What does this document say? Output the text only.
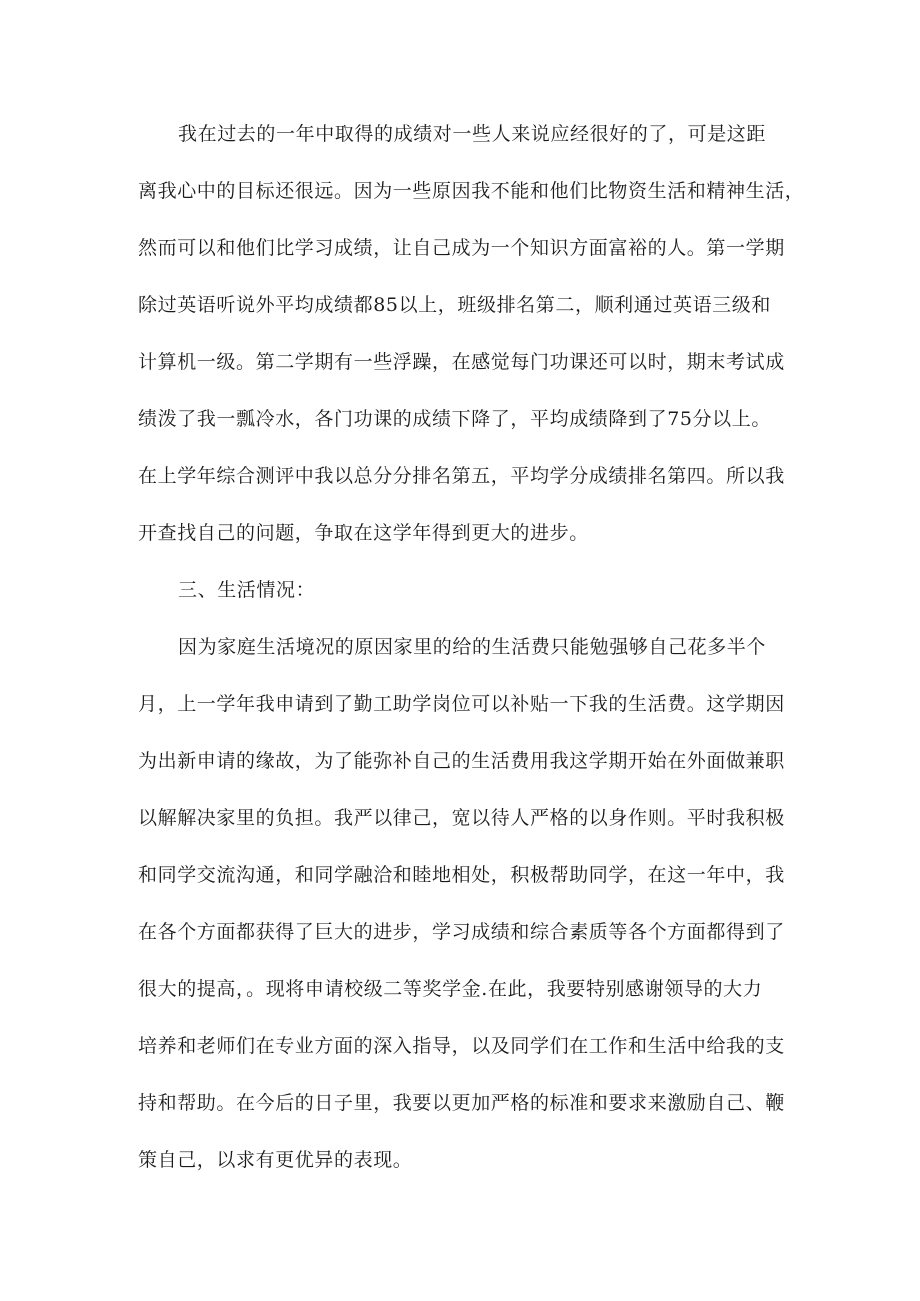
我在过去的一年中取得的成绩对一些人来说应经很好的了，可是这距
离我心中的目标还很远。因为一些原因我不能和他们比物资生活和精神生活，
然而可以和他们比学习成绩，让自己成为一个知识方面富裕的人。第一学期
除过英语听说外平均成绩都85以上，班级排名第二，顺利通过英语三级和
计算机一级。第二学期有一些浮躁，在感觉每门功课还可以时，期末考试成
绩泼了我一瓢冷水，各门功课的成绩下降了，平均成绩降到了75分以上。
在上学年综合测评中我以总分分排名第五，平均学分成绩排名第四。所以我
开查找自己的问题，争取在这学年得到更大的进步。
三、生活情况：
因为家庭生活境况的原因家里的给的生活费只能勉强够自己花多半个
月，上一学年我申请到了勤工助学岗位可以补贴一下我的生活费。这学期因
为出新申请的缘故，为了能弥补自己的生活费用我这学期开始在外面做兼职
以解解决家里的负担。我严以律己，宽以待人严格的以身作则。平时我积极
和同学交流沟通，和同学融洽和睦地相处，积极帮助同学，在这一年中，我
在各个方面都获得了巨大的进步，学习成绩和综合素质等各个方面都得到了
很大的提高，。现将申请校级二等奖学金.在此，我要特别感谢领导的大力
培养和老师们在专业方面的深入指导，以及同学们在工作和生活中给我的支
持和帮助。在今后的日子里，我要以更加严格的标准和要求来激励自己、鞭
策自己，以求有更优异的表现。
